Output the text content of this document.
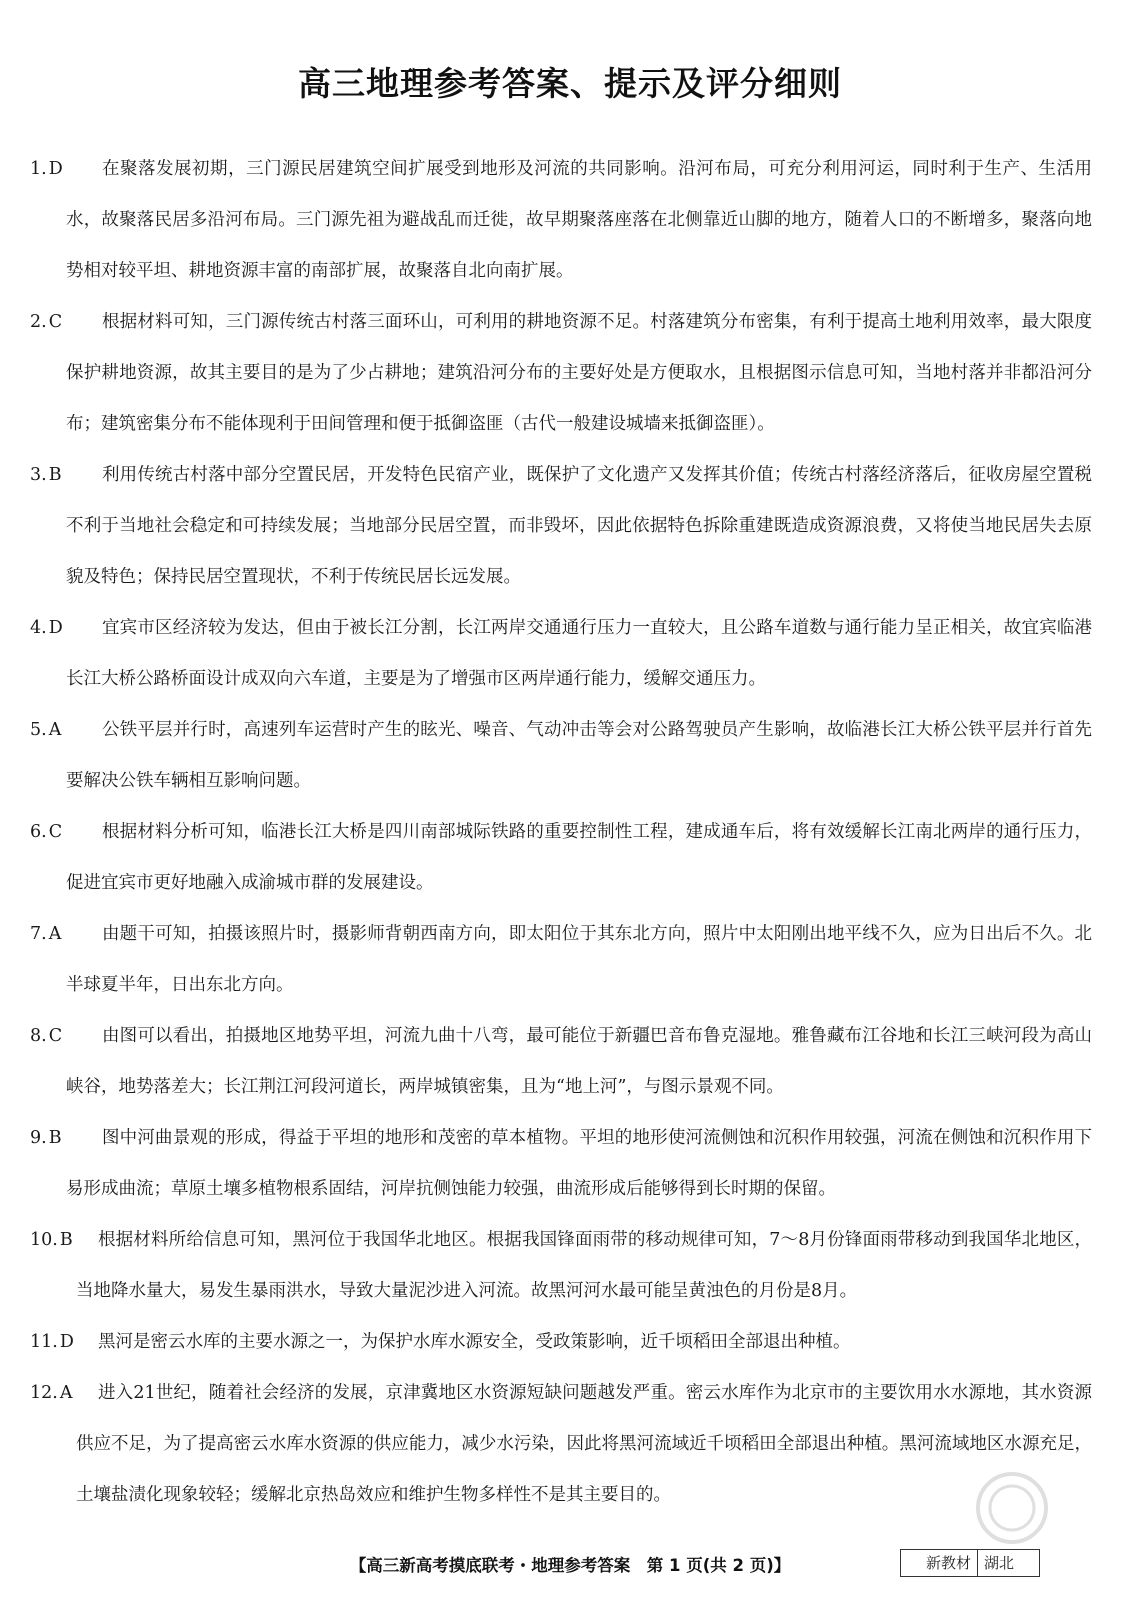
高三地理参考答案、提示及评分细则
1. D	在聚落发展初期，三门源民居建筑空间扩展受到地形及河流的共同影响。沿河布局，可充分利用河运，同时利于生产、生活用水，故聚落民居多沿河布局。三门源先祖为避战乱而迁徙，故早期聚落座落在北侧靠近山脚的地方，随着人口的不断增多，聚落向地势相对较平坦、耕地资源丰富的南部扩展，故聚落自北向南扩展。
2. C	根据材料可知，三门源传统古村落三面环山，可利用的耕地资源不足。村落建筑分布密集，有利于提高土地利用效率，最大限度保护耕地资源，故其主要目的是为了少占耕地；建筑沿河分布的主要好处是方便取水，且根据图示信息可知，当地村落并非都沿河分布；建筑密集分布不能体现利于田间管理和便于抵御盗匪（古代一般建设城墙来抵御盗匪）。
3. B	利用传统古村落中部分空置民居，开发特色民宿产业，既保护了文化遗产又发挥其价值；传统古村落经济落后，征收房屋空置税不利于当地社会稳定和可持续发展；当地部分民居空置，而非毁坏，因此依据特色拆除重建既造成资源浪费，又将使当地民居失去原貌及特色；保持民居空置现状，不利于传统民居长远发展。
4. D	宜宾市区经济较为发达，但由于被长江分割，长江两岸交通通行压力一直较大，且公路车道数与通行能力呈正相关，故宜宾临港长江大桥公路桥面设计成双向六车道，主要是为了增强市区两岸通行能力，缓解交通压力。
5. A	公铁平层并行时，高速列车运营时产生的眩光、噪音、气动冲击等会对公路驾驶员产生影响，故临港长江大桥公铁平层并行首先要解决公铁车辆相互影响问题。
6. C	根据材料分析可知，临港长江大桥是四川南部城际铁路的重要控制性工程，建成通车后，将有效缓解长江南北两岸的通行压力，促进宜宾市更好地融入成渝城市群的发展建设。
7. A	由题干可知，拍摄该照片时，摄影师背朝西南方向，即太阳位于其东北方向，照片中太阳刚出地平线不久，应为日出后不久。北半球夏半年，日出东北方向。
8. C	由图可以看出，拍摄地区地势平坦，河流九曲十八弯，最可能位于新疆巴音布鲁克湿地。雅鲁藏布江谷地和长江三峡河段为高山峡谷，地势落差大；长江荆江河段河道长，两岸城镇密集，且为“地上河”，与图示景观不同。
9. B	图中河曲景观的形成，得益于平坦的地形和茂密的草本植物。平坦的地形使河流侧蚀和沉积作用较强，河流在侧蚀和沉积作用下易形成曲流；草原土壤多植物根系固结，河岸抗侧蚀能力较强，曲流形成后能够得到长时期的保留。
10. B	根据材料所给信息可知，黑河位于我国华北地区。根据我国锋面雨带的移动规律可知，7～8月份锋面雨带移动到我国华北地区，当地降水量大，易发生暴雨洪水，导致大量泥沙进入河流。故黑河河水最可能呈黄浊色的月份是8月。
11. D	黑河是密云水库的主要水源之一，为保护水库水源安全，受政策影响，近千顷稻田全部退出种植。
12. A	进入21世纪，随着社会经济的发展，京津冀地区水资源短缺问题越发严重。密云水库作为北京市的主要饮用水水源地，其水资源供应不足，为了提高密云水库水资源的供应能力，减少水污染，因此将黑河流域近千顷稻田全部退出种植。黑河流域地区水源充足，土壤盐渍化现象较轻；缓解北京热岛效应和维护生物多样性不是其主要目的。
【高三新高考摸底联考・地理参考答案　第 1 页(共 2 页)】	新教材 湖北
